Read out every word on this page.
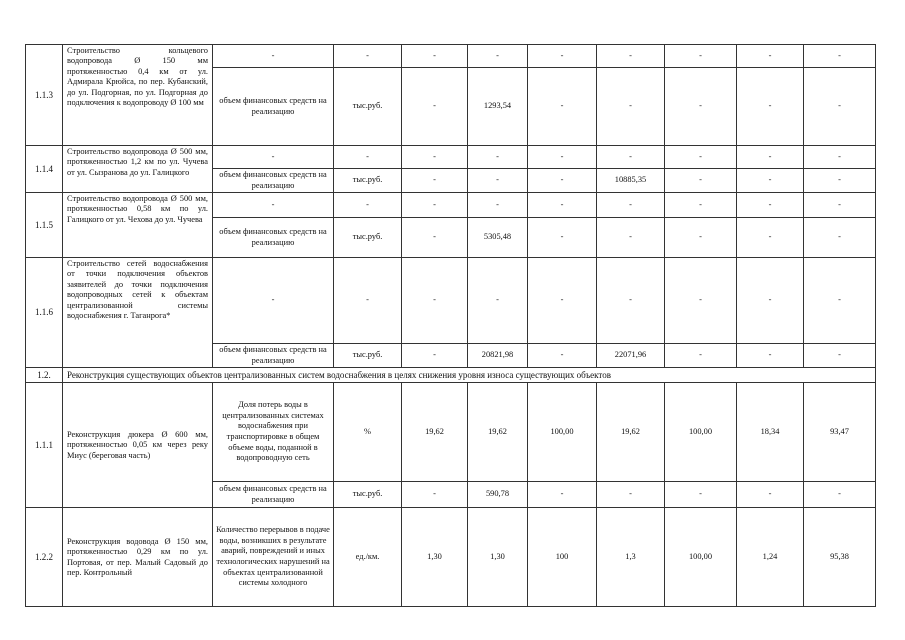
1.1.3	Строительство кольцевого водопровода Ø 150 мм протяженностью 0,4 км от ул. Адмирала Крюйса, по пер. Кубанский, до ул. Подгорная, по ул. Подгорная до подключения к водопроводу Ø 100 мм	-	-	-	-	-	-	-	-	-
		объем финансовых средств на реализацию	тыс.руб.	-	1293,54	-	-	-	-	-
1.1.4	Строительство водопровода Ø 500 мм, протяженностью 1,2 км по ул. Чучева от ул. Сызранова до ул. Галицкого	-	-	-	-	-	-	-	-	-
		объем финансовых средств на реализацию	тыс.руб.	-	-	-	10885,35	-	-	-
1.1.5	Строительство водопровода Ø 500 мм, протяженностью 0,58 км по ул. Галицкого от ул. Чехова до ул. Чучева	-	-	-	-	-	-	-	-	-
		объем финансовых средств на реализацию	тыс.руб.	-	5305,48	-	-	-	-	-
1.1.6	Строительство сетей водоснабжения от точки подключения объектов заявителей до точки подключения водопроводных сетей к объектам централизованной системы водоснабжения г. Таганрога*	-	-	-	-	-	-	-	-	-
		объем финансовых средств на реализацию	тыс.руб.	-	20821,98	-	22071,96	-	-	-
1.2.	Реконструкция существующих объектов централизованных систем водоснабжения в целях снижения уровня износа существующих объектов									
1.1.1	Реконструкция дюкера Ø 600 мм, протяженностью 0,05 км через реку Миус (береговая часть)	Доля потерь воды в централизованных системах водоснабжения при транспортировке в общем объеме воды, поданной в водопроводную сеть	%	19,62	19,62	100,00	19,62	100,00	18,34	93,47
		объем финансовых средств на реализацию	тыс.руб.	-	590,78	-	-	-	-	-
1.2.2	Реконструкция водовода Ø 150 мм, протяженностью 0,29 км по ул. Портовая, от пер. Малый Садовый до пер. Контрольный	Количество перерывов в подаче воды, возникших в результате аварий, повреждений и иных технологических нарушений на объектах централизованной системы холодного	ед./км.	1,30	1,30	100	1,3	100,00	1,24	95,38
